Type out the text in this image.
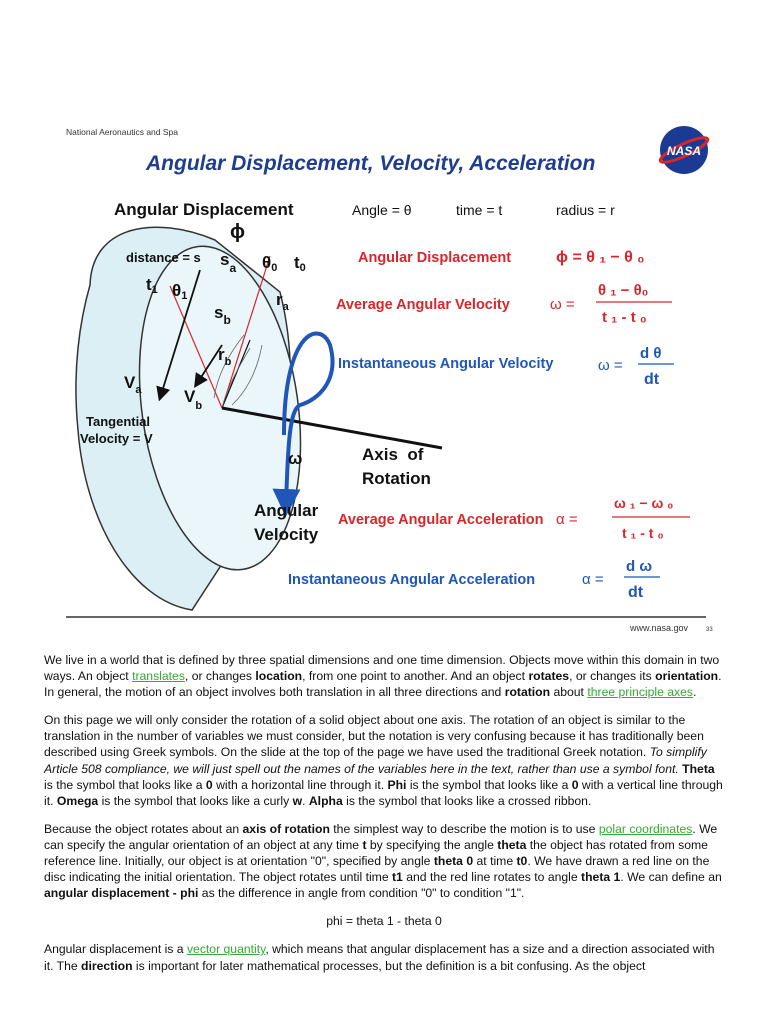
National Aeronautics and Spa
Angular Displacement, Velocity, Acceleration
NASA
Angular Displacement
ϕ
distance = s $s_a$ θ0 t0
t1 θ1
$s_b$
$r_a$
$r_b$
$V_a$	$V_b$
Tangential
Velocity = V
ω	Axis  of
Rotation
Angular
Velocity
Angle = θ	time = t	radius = r
Angular Displacement	ϕ = θ ₁ − θ ₀
Average Angular Velocity	ω =
θ ₁ − θ₀
t ₁ - t ₀
Instantaneous Angular Velocity	ω =
d θ
dt
Average Angular Acceleration α =
ω ₁ − ω ₀
t ₁ - t ₀
Instantaneous Angular Acceleration	α =
d ω
dt
www.nasa.gov	33

We live in a world that is defined by three spatial dimensions and one time dimension. Objects move within this domain in two ways. An object translates, or changes location, from one point to another. And an object rotates, or changes its orientation. In general, the motion of an object involves both translation in all three directions and rotation about three principle axes.

On this page we will only consider the rotation of a solid object about one axis. The rotation of an object is similar to the translation in the number of variables we must consider, but the notation is very confusing because it has traditionally been described using Greek symbols. On the slide at the top of the page we have used the traditional Greek notation. To simplify Article 508 compliance, we will just spell out the names of the variables here in the text, rather than use a symbol font. Theta is the symbol that looks like a 0 with a horizontal line through it. Phi is the symbol that looks like a 0 with a vertical line through it. Omega is the symbol that looks like a curly w. Alpha is the symbol that looks like a crossed ribbon.

Because the object rotates about an axis of rotation the simplest way to describe the motion is to use polar coordinates. We can specify the angular orientation of an object at any time t by specifying the angle theta the object has rotated from some reference line. Initially, our object is at orientation "0", specified by angle theta 0 at time t0. We have drawn a red line on the disc indicating the initial orientation. The object rotates until time t1 and the red line rotates to angle theta 1. We can define an angular displacement - phi as the difference in angle from condition "0" to condition "1".

phi = theta 1 - theta 0

Angular displacement is a vector quantity, which means that angular displacement has a size and a direction associated with it. The direction is important for later mathematical processes, but the definition is a bit confusing. As the object
